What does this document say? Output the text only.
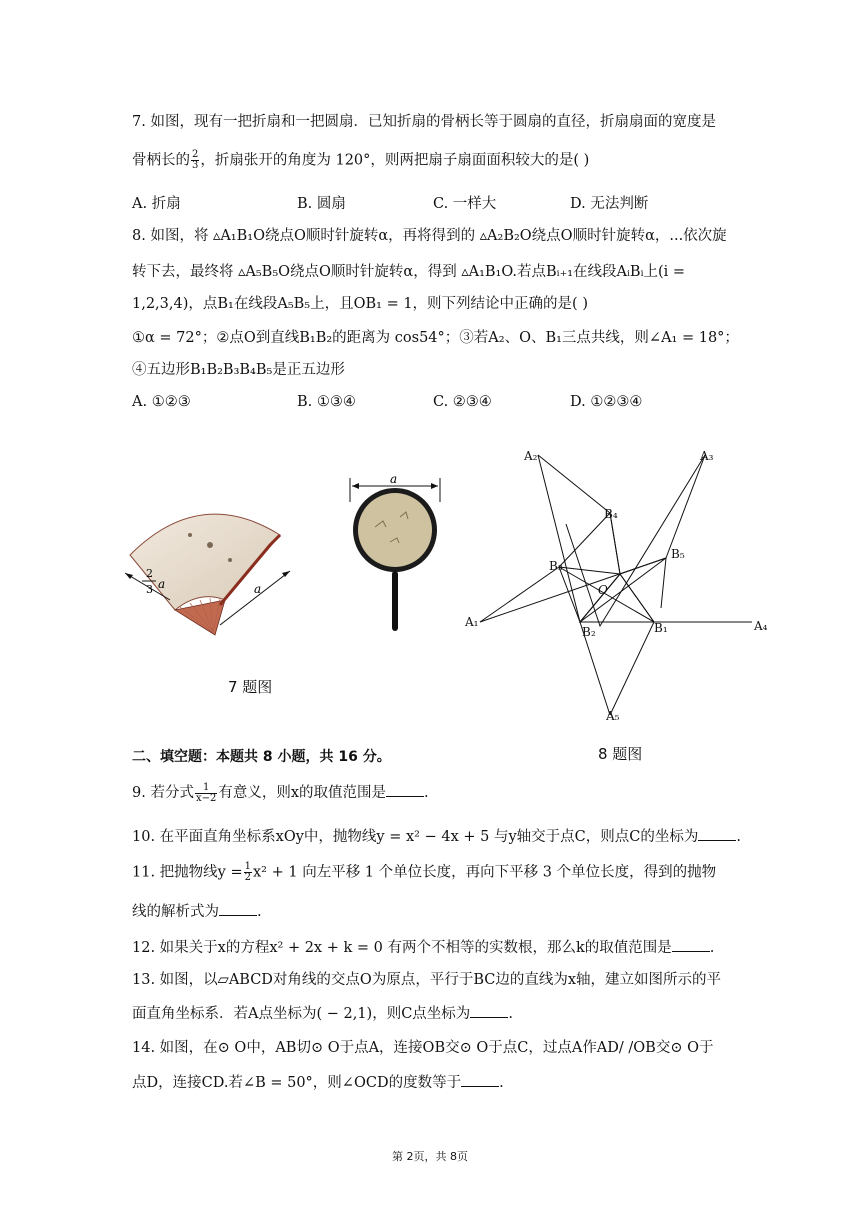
7. 如图，现有一把折扇和一把圆扇．已知折扇的骨柄长等于圆扇的直径，折扇扇面的宽度是
骨柄长的 $\frac{2}{3}$ ，折扇张开的角度为 120°，则两把扇子扇面面积较大的是( )
A. 折扇	B. 圆扇	C. 一样大	D. 无法判断
8. 如图，将 ▵A₁B₁O绕点O顺时针旋转α，再将得到的 ▵A₂B₂O绕点O顺时针旋转α，...依次旋
转下去，最终将 ▵A₅B₅O绕点O顺时针旋转α，得到 ▵A₁B₁O.若点Bᵢ₊₁在线段AᵢBᵢ上(i =
1,2,3,4)，点B₁在线段A₅B₅上，且OB₁ = 1，则下列结论中正确的是( )
①α = 72°；②点O到直线B₁B₂的距离为 cos54°；③若A₂、O、B₁三点共线，则∠A₁ = 18°；
④五边形B₁B₂B₃B₄B₅是正五边形
A. ①②③	B. ①③④	C. ②③④	D. ①②③④
2
3 a	a
a
A₂	A₃
A₁	A₄
A₅
B₄
B₅
B₃
B₂	B₁
O
7 题图
8 题图
二、填空题：本题共 8 小题，共 16 分。
9. 若分式 $\frac{1}{x-2}$ 有意义，则x的取值范围是	.
10. 在平面直角坐标系xOy中，抛物线y = x² − 4x + 5 与y轴交于点C，则点C的坐标为	.
11. 把抛物线$y = \frac{1}{2} x^2 + 1$ 向左平移 1 个单位长度，再向下平移 3 个单位长度，得到的抛物
线的解析式为	.
12. 如果关于x的方程x² + 2x + k = 0 有两个不相等的实数根，那么k的取值范围是	.
13. 如图，以▱ABCD对角线的交点O为原点，平行于BC边的直线为x轴，建立如图所示的平
面直角坐标系．若A点坐标为( − 2,1)，则C点坐标为	.
14. 如图，在⊙ O中，AB切⊙ O于点A，连接OB交⊙ O于点C，过点A作AD/ /OB交⊙ O于
点D，连接CD.若∠B = 50°，则∠OCD的度数等于	.
第 2页，共 8页
